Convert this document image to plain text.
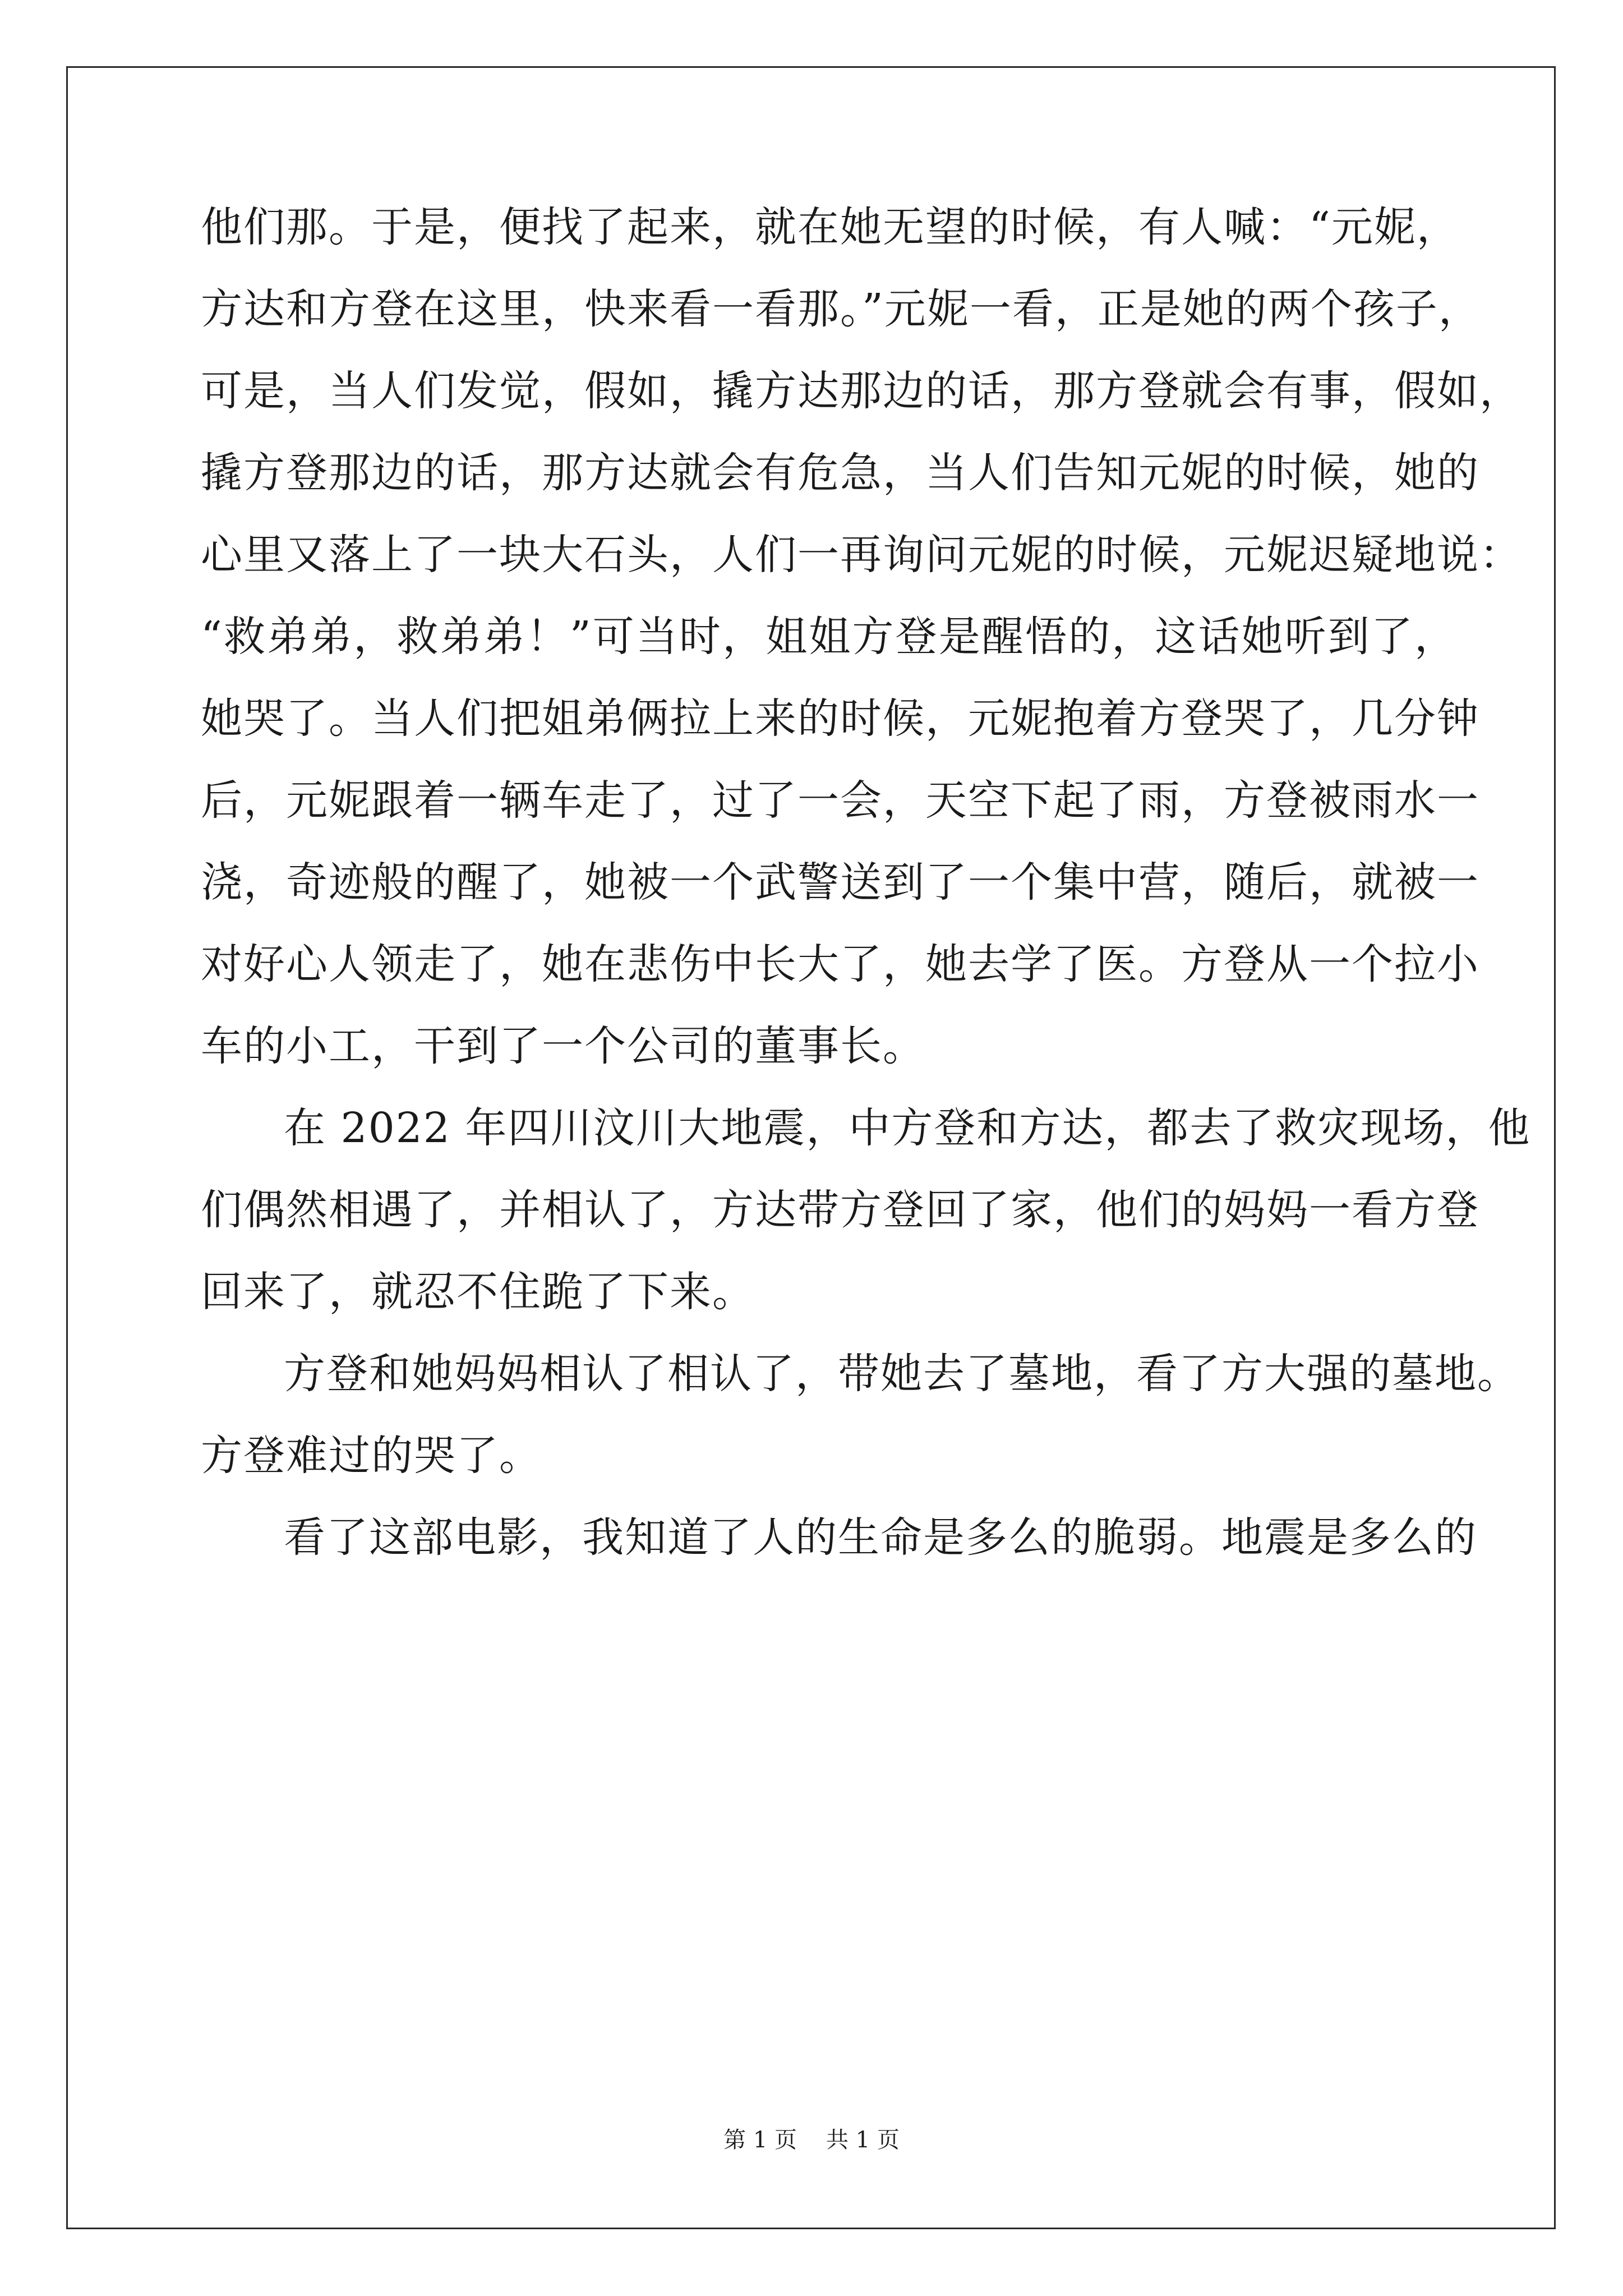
他们那。于是，便找了起来，就在她无望的时候，有人喊：“元妮，
方达和方登在这里，快来看一看那。”元妮一看，正是她的两个孩子，
可是，当人们发觉，假如，撬方达那边的话，那方登就会有事，假如，
撬方登那边的话，那方达就会有危急，当人们告知元妮的时候，她的
心里又落上了一块大石头，人们一再询问元妮的时候，元妮迟疑地说：
“救弟弟，救弟弟！”可当时，姐姐方登是醒悟的，这话她听到了，
她哭了。当人们把姐弟俩拉上来的时候，元妮抱着方登哭了，几分钟
后，元妮跟着一辆车走了，过了一会，天空下起了雨，方登被雨水一
浇，奇迹般的醒了，她被一个武警送到了一个集中营，随后，就被一
对好心人领走了，她在悲伤中长大了，她去学了医。方登从一个拉小
车的小工，干到了一个公司的董事长。
在 2022 年四川汶川大地震，中方登和方达，都去了救灾现场，他
们偶然相遇了，并相认了，方达带方登回了家，他们的妈妈一看方登
回来了，就忍不住跪了下来。
方登和她妈妈相认了相认了，带她去了墓地，看了方大强的墓地。
方登难过的哭了。
看了这部电影，我知道了人的生命是多么的脆弱。地震是多么的
第 1 页 共 1 页
